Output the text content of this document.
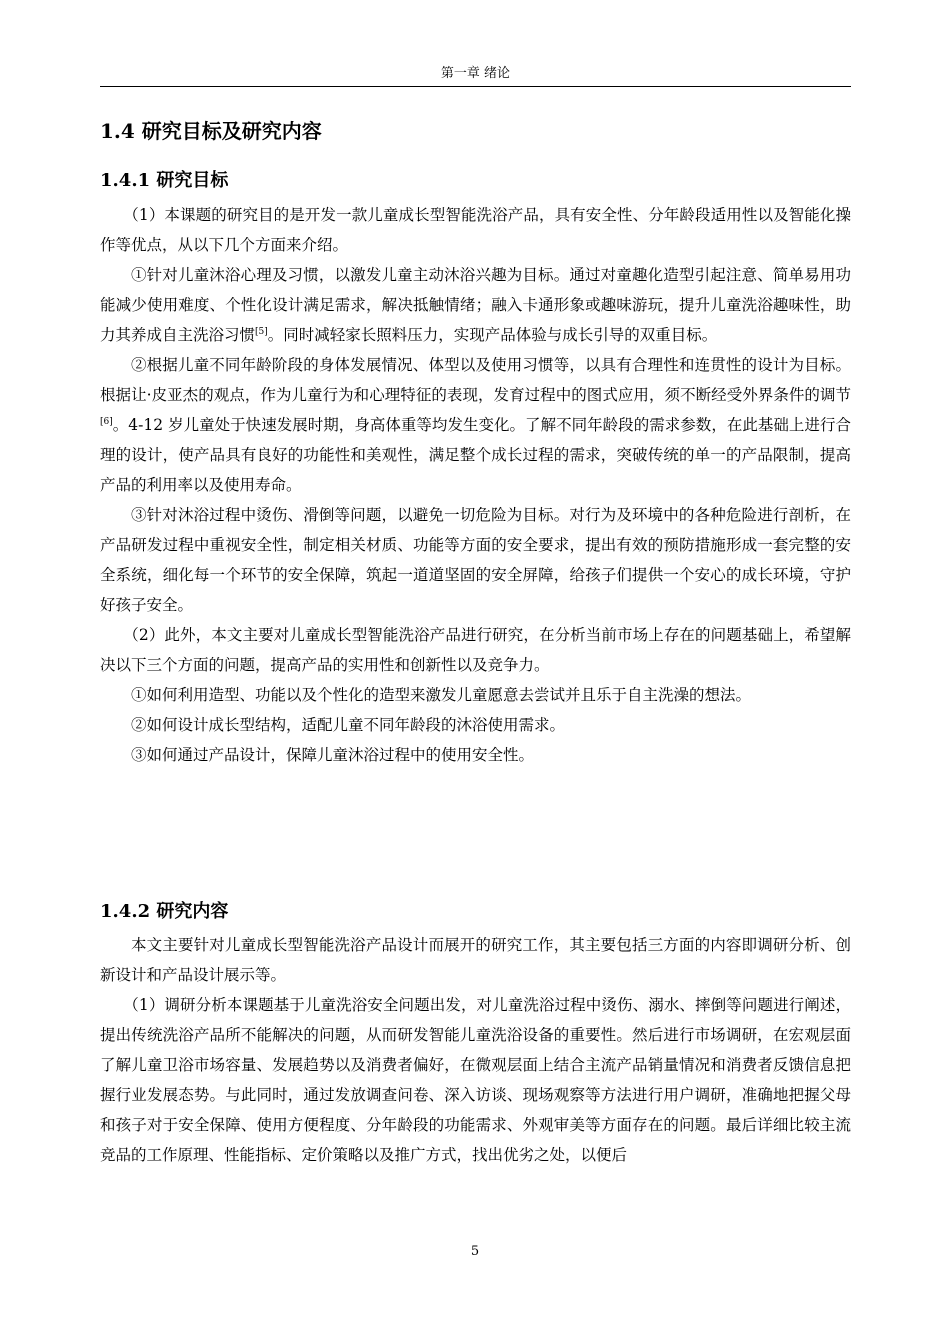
第一章 绪论
1.4 研究目标及研究内容
1.4.1 研究目标

（1）本课题的研究目的是开发一款儿童成长型智能洗浴产品，具有安全性、分年龄段适用性以及智能化操作等优点，从以下几个方面来介绍。

①针对儿童沐浴心理及习惯，以激发儿童主动沐浴兴趣为目标。通过对童趣化造型引起注意、简单易用功能减少使用难度、个性化设计满足需求，解决抵触情绪；融入卡通形象或趣味游玩，提升儿童洗浴趣味性，助力其养成自主洗浴习惯[5]。同时减轻家长照料压力，实现产品体验与成长引导的双重目标。

②根据儿童不同年龄阶段的身体发展情况、体型以及使用习惯等，以具有合理性和连贯性的设计为目标。根据让·皮亚杰的观点，作为儿童行为和心理特征的表现，发育过程中的图式应用，须不断经受外界条件的调节[6]。4-12 岁儿童处于快速发展时期，身高体重等均发生变化。了解不同年龄段的需求参数，在此基础上进行合理的设计，使产品具有良好的功能性和美观性，满足整个成长过程的需求，突破传统的单一的产品限制，提高产品的利用率以及使用寿命。

③针对沐浴过程中烫伤、滑倒等问题，以避免一切危险为目标。对行为及环境中的各种危险进行剖析，在产品研发过程中重视安全性，制定相关材质、功能等方面的安全要求，提出有效的预防措施形成一套完整的安全系统，细化每一个环节的安全保障，筑起一道道坚固的安全屏障，给孩子们提供一个安心的成长环境，守护好孩子安全。

（2）此外，本文主要对儿童成长型智能洗浴产品进行研究，在分析当前市场上存在的问题基础上，希望解决以下三个方面的问题，提高产品的实用性和创新性以及竞争力。

①如何利用造型、功能以及个性化的造型来激发儿童愿意去尝试并且乐于自主洗澡的想法。

②如何设计成长型结构，适配儿童不同年龄段的沐浴使用需求。

③如何通过产品设计，保障儿童沐浴过程中的使用安全性。

1.4.2 研究内容

本文主要针对儿童成长型智能洗浴产品设计而展开的研究工作，其主要包括三方面的内容即调研分析、创新设计和产品设计展示等。

（1）调研分析本课题基于儿童洗浴安全问题出发，对儿童洗浴过程中烫伤、溺水、摔倒等问题进行阐述，提出传统洗浴产品所不能解决的问题，从而研发智能儿童洗浴设备的重要性。然后进行市场调研，在宏观层面了解儿童卫浴市场容量、发展趋势以及消费者偏好，在微观层面上结合主流产品销量情况和消费者反馈信息把握行业发展态势。与此同时，通过发放调查问卷、深入访谈、现场观察等方法进行用户调研，准确地把握父母和孩子对于安全保障、使用方便程度、分年龄段的功能需求、外观审美等方面存在的问题。最后详细比较主流竞品的工作原理、性能指标、定价策略以及推广方式，找出优劣之处，以便后

5
